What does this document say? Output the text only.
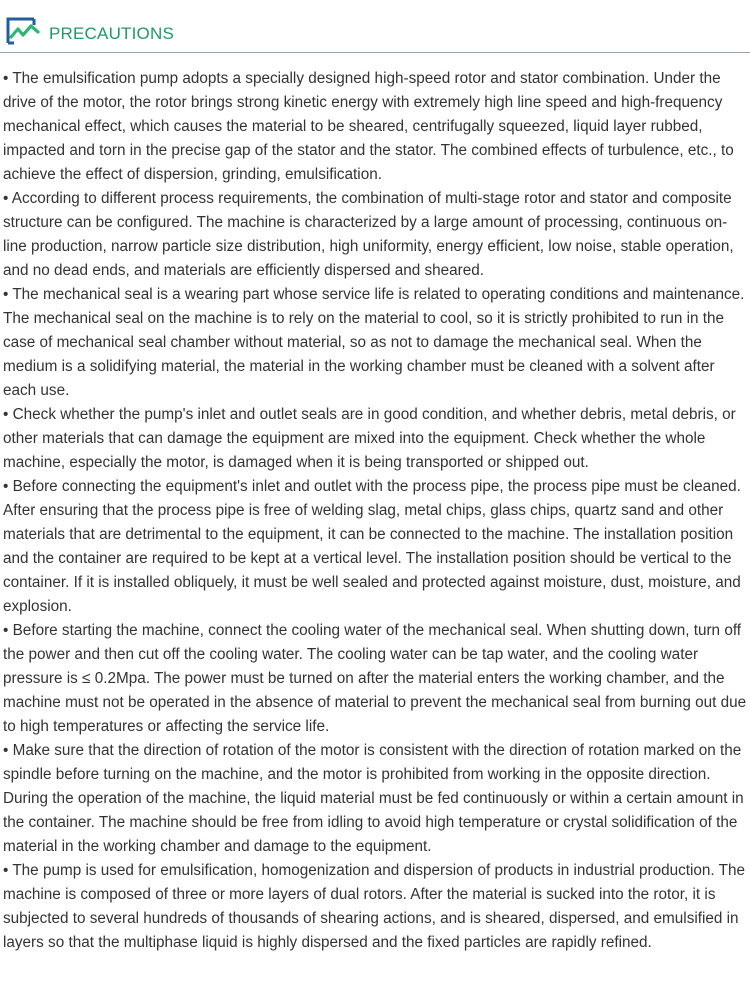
PRECAUTIONS

• The emulsification pump adopts a specially designed high-speed rotor and stator combination. Under the drive of the motor, the rotor brings strong kinetic energy with extremely high line speed and high-frequency mechanical effect, which causes the material to be sheared, centrifugally squeezed, liquid layer rubbed, impacted and torn in the precise gap of the stator and the stator. The combined effects of turbulence, etc., to achieve the effect of dispersion, grinding, emulsification.

• According to different process requirements, the combination of multi-stage rotor and stator and composite structure can be configured. The machine is characterized by a large amount of processing, continuous on-line production, narrow particle size distribution, high uniformity, energy efficient, low noise, stable operation, and no dead ends, and materials are efficiently dispersed and sheared.

• The mechanical seal is a wearing part whose service life is related to operating conditions and maintenance. The mechanical seal on the machine is to rely on the material to cool, so it is strictly prohibited to run in the case of mechanical seal chamber without material, so as not to damage the mechanical seal. When the medium is a solidifying material, the material in the working chamber must be cleaned with a solvent after each use.

• Check whether the pump's inlet and outlet seals are in good condition, and whether debris, metal debris, or other materials that can damage the equipment are mixed into the equipment. Check whether the whole machine, especially the motor, is damaged when it is being transported or shipped out.

• Before connecting the equipment's inlet and outlet with the process pipe, the process pipe must be cleaned. After ensuring that the process pipe is free of welding slag, metal chips, glass chips, quartz sand and other materials that are detrimental to the equipment, it can be connected to the machine. The installation position and the container are required to be kept at a vertical level. The installation position should be vertical to the container. If it is installed obliquely, it must be well sealed and protected against moisture, dust, moisture, and explosion.

• Before starting the machine, connect the cooling water of the mechanical seal. When shutting down, turn off the power and then cut off the cooling water. The cooling water can be tap water, and the cooling water pressure is ≤ 0.2Mpa. The power must be turned on after the material enters the working chamber, and the machine must not be operated in the absence of material to prevent the mechanical seal from burning out due to high temperatures or affecting the service life.

• Make sure that the direction of rotation of the motor is consistent with the direction of rotation marked on the spindle before turning on the machine, and the motor is prohibited from working in the opposite direction. During the operation of the machine, the liquid material must be fed continuously or within a certain amount in the container. The machine should be free from idling to avoid high temperature or crystal solidification of the material in the working chamber and damage to the equipment.

• The pump is used for emulsification, homogenization and dispersion of products in industrial production. The machine is composed of three or more layers of dual rotors. After the material is sucked into the rotor, it is subjected to several hundreds of thousands of shearing actions, and is sheared, dispersed, and emulsified in layers so that the multiphase liquid is highly dispersed and the fixed particles are rapidly refined.
